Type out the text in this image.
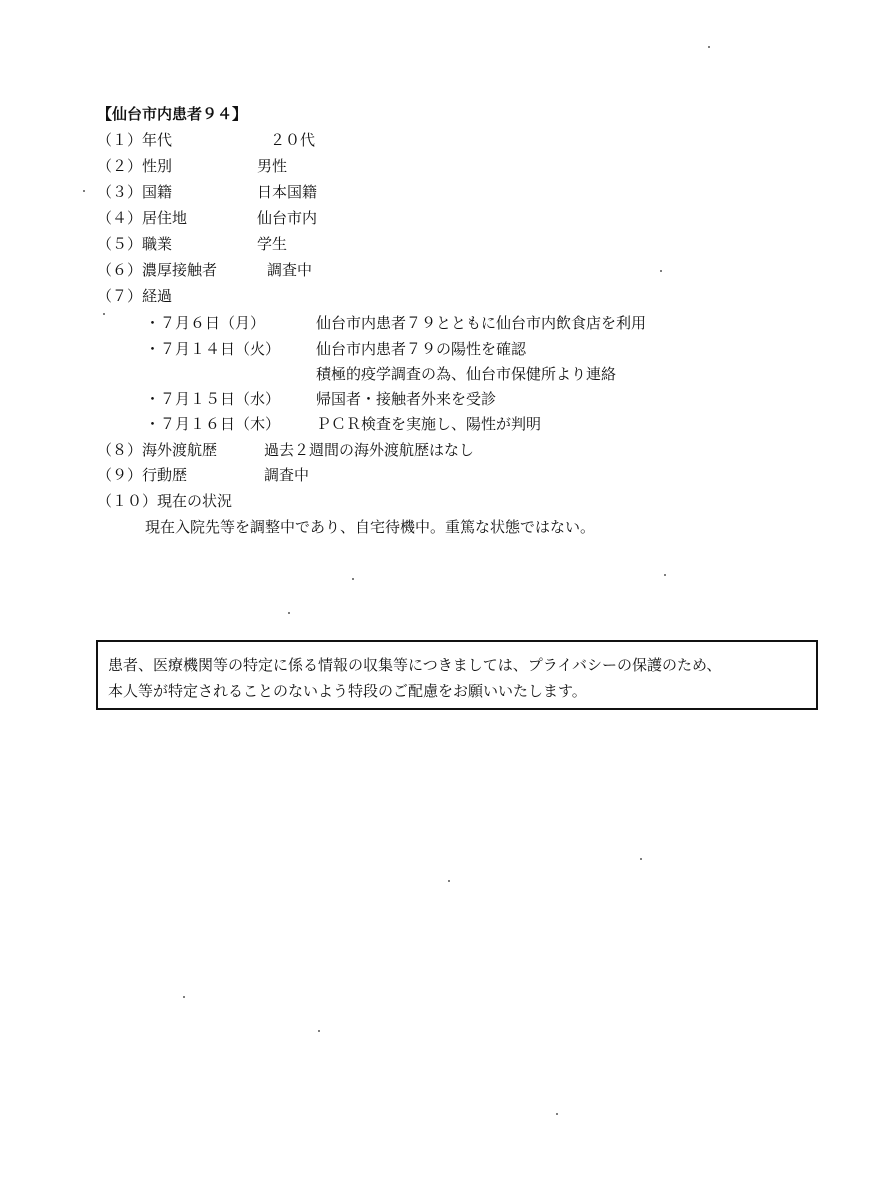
【仙台市内患者９４】
（１）年代	２０代
（２）性別	男性
（３）国籍	日本国籍
（４）居住地	仙台市内
（５）職業	学生
（６）濃厚接触者	調査中
（７）経過
・７月６日（月）	仙台市内患者７９とともに仙台市内飲食店を利用
・７月１４日（火） 仙台市内患者７９の陽性を確認
積極的疫学調査の為、仙台市保健所より連絡
・７月１５日（水） 帰国者・接触者外来を受診
・７月１６日（木） ＰＣＲ検査を実施し、陽性が判明
（８）海外渡航歴	過去２週間の海外渡航歴はなし
（９）行動歴	調査中
（１０）現在の状況
現在入院先等を調整中であり、自宅待機中。重篤な状態ではない。
患者、医療機関等の特定に係る情報の収集等につきましては、プライバシーの保護のため、
本人等が特定されることのないよう特段のご配慮をお願いいたします。
